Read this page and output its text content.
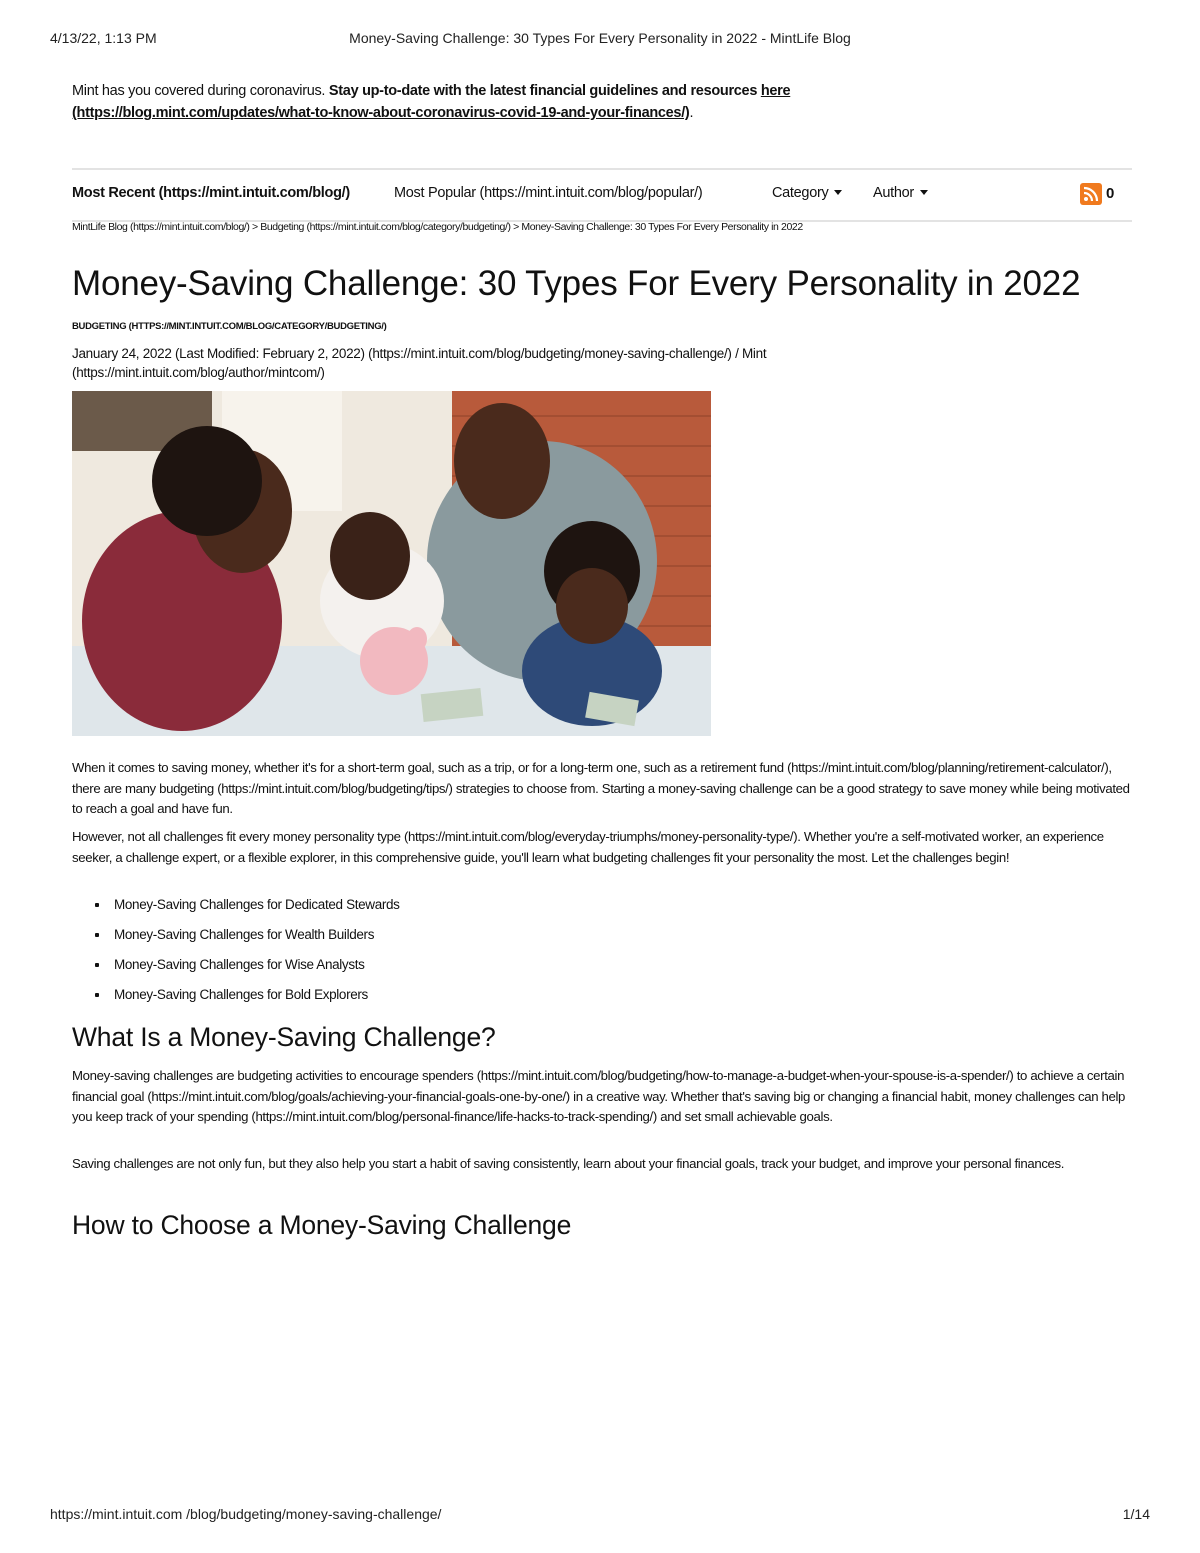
4/13/22, 1:13 PM	Money-Saving Challenge: 30 Types For Every Personality in 2022 - MintLife Blog
Mint has you covered during coronavirus. Stay up-to-date with the latest financial guidelines and resources here
(https://blog.mint.com/updates/what-to-know-about-coronavirus-covid-19-and-your-finances/).
Most Recent (https://mint.intuit.com/blog/)	Most Popular (https://mint.intuit.com/blog/popular/)	Category	Author	0
MintLife Blog (https://mint.intuit.com/blog/) > Budgeting (https://mint.intuit.com/blog/category/budgeting/) > Money-Saving Challenge: 30 Types For Every Personality in 2022
Money-Saving Challenge: 30 Types For Every Personality in 2022
BUDGETING (HTTPS://MINT.INTUIT.COM/BLOG/CATEGORY/BUDGETING/)
January 24, 2022 (Last Modified: February 2, 2022) (https://mint.intuit.com/blog/budgeting/money-saving-challenge/) / Mint (https://mint.intuit.com/blog/author/mintcom/)

When it comes to saving money, whether it's for a short-term goal, such as a trip, or for a long-term one, such as a retirement fund (https://mint.intuit.com/blog/planning/retirement-calculator/), there are many budgeting (https://mint.intuit.com/blog/budgeting/tips/) strategies to choose from. Starting a money-saving challenge can be a good strategy to save money while being motivated to reach a goal and have fun.

However, not all challenges fit every money personality type (https://mint.intuit.com/blog/everyday-triumphs/money-personality-type/). Whether you're a self-motivated worker, an experience seeker, a challenge expert, or a flexible explorer, in this comprehensive guide, you'll learn what budgeting challenges fit your personality the most. Let the challenges begin!

Money-Saving Challenges for Dedicated Stewards
Money-Saving Challenges for Wealth Builders
Money-Saving Challenges for Wise Analysts
Money-Saving Challenges for Bold Explorers
What Is a Money-Saving Challenge?

Money-saving challenges are budgeting activities to encourage spenders (https://mint.intuit.com/blog/budgeting/how-to-manage-a-budget-when-your-spouse-is-a-spender/) to achieve a certain financial goal (https://mint.intuit.com/blog/goals/achieving-your-financial-goals-one-by-one/) in a creative way. Whether that's saving big or changing a financial habit, money challenges can help you keep track of your spending (https://mint.intuit.com/blog/personal-finance/life-hacks-to-track-spending/) and set small achievable goals.

Saving challenges are not only fun, but they also help you start a habit of saving consistently, learn about your financial goals, track your budget, and improve your personal finances.

How to Choose a Money-Saving Challenge
https://mint.intuit.com /blog/budgeting/money-saving-challenge/	1/14
